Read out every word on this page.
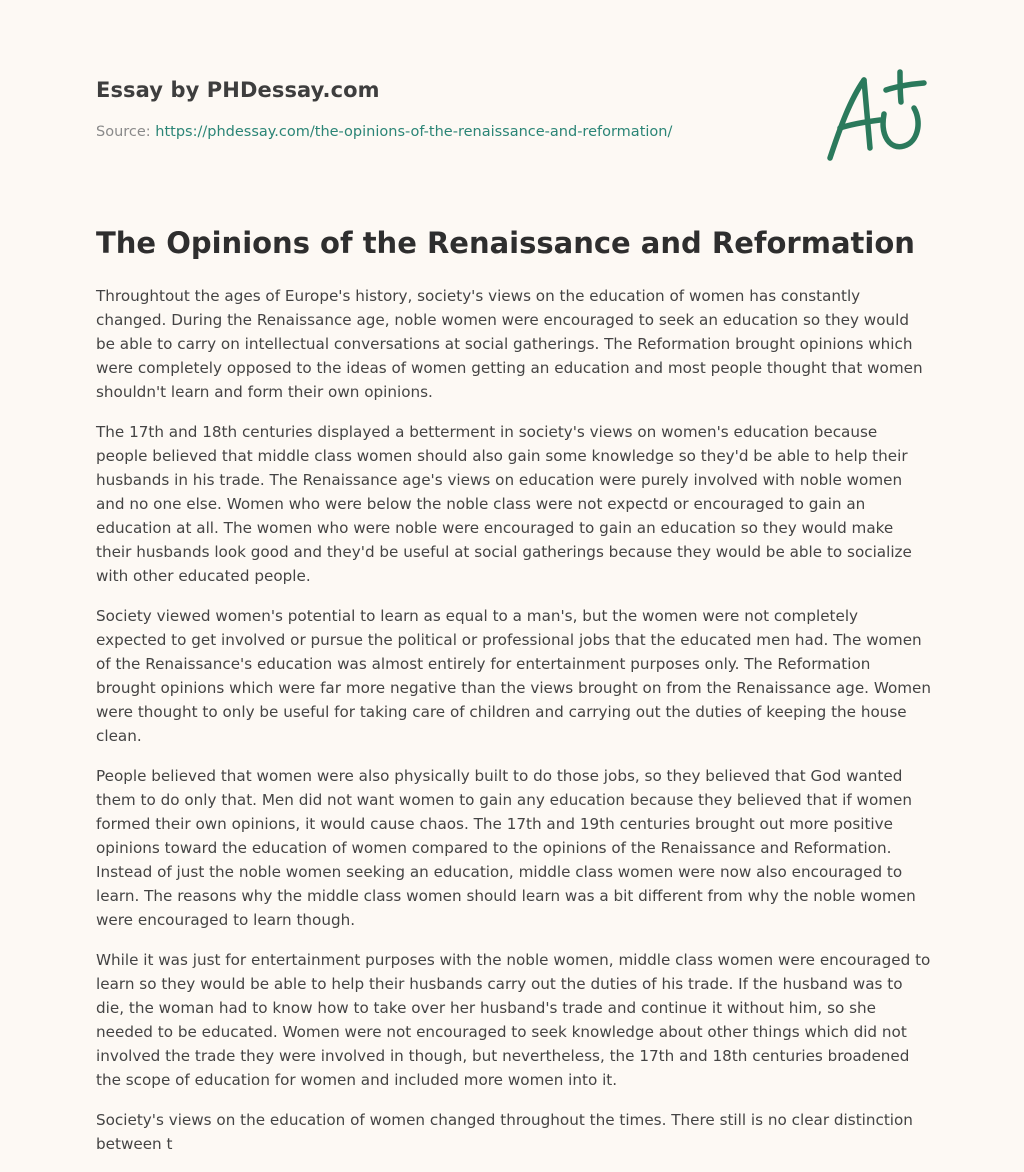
Essay by PHDessay.com
Source: https://phdessay.com/the-opinions-of-the-renaissance-and-reformation/
The Opinions of the Renaissance and Reformation

Throughtout the ages of Europe's history, society's views on the education of women has constantly changed. During the Renaissance age, noble women were encouraged to seek an education so they would be able to carry on intellectual conversations at social gatherings. The Reformation brought opinions which were completely opposed to the ideas of women getting an education and most people thought that women shouldn't learn and form their own opinions.

The 17th and 18th centuries displayed a betterment in society's views on women's education because people believed that middle class women should also gain some knowledge so they'd be able to help their husbands in his trade. The Renaissance age's views on education were purely involved with noble women and no one else. Women who were below the noble class were not expectd or encouraged to gain an education at all. The women who were noble were encouraged to gain an education so they would make their husbands look good and they'd be useful at social gatherings because they would be able to socialize with other educated people.

Society viewed women's potential to learn as equal to a man's, but the women were not completely expected to get involved or pursue the political or professional jobs that the educated men had. The women of the Renaissance's education was almost entirely for entertainment purposes only. The Reformation brought opinions which were far more negative than the views brought on from the Renaissance age. Women were thought to only be useful for taking care of children and carrying out the duties of keeping the house clean.

People believed that women were also physically built to do those jobs, so they believed that God wanted them to do only that. Men did not want women to gain any education because they believed that if women formed their own opinions, it would cause chaos. The 17th and 19th centuries brought out more positive opinions toward the education of women compared to the opinions of the Renaissance and Reformation. Instead of just the noble women seeking an education, middle class women were now also encouraged to learn. The reasons why the middle class women should learn was a bit different from why the noble women were encouraged to learn though.

While it was just for entertainment purposes with the noble women, middle class women were encouraged to learn so they would be able to help their husbands carry out the duties of his trade. If the husband was to die, the woman had to know how to take over her husband's trade and continue it without him, so she needed to be educated. Women were not encouraged to seek knowledge about other things which did not involved the trade they were involved in though, but nevertheless, the 17th and 18th centuries broadened the scope of education for women and included more women into it.

Society's views on the education of women changed throughout the times. There still is no clear distinction between t
